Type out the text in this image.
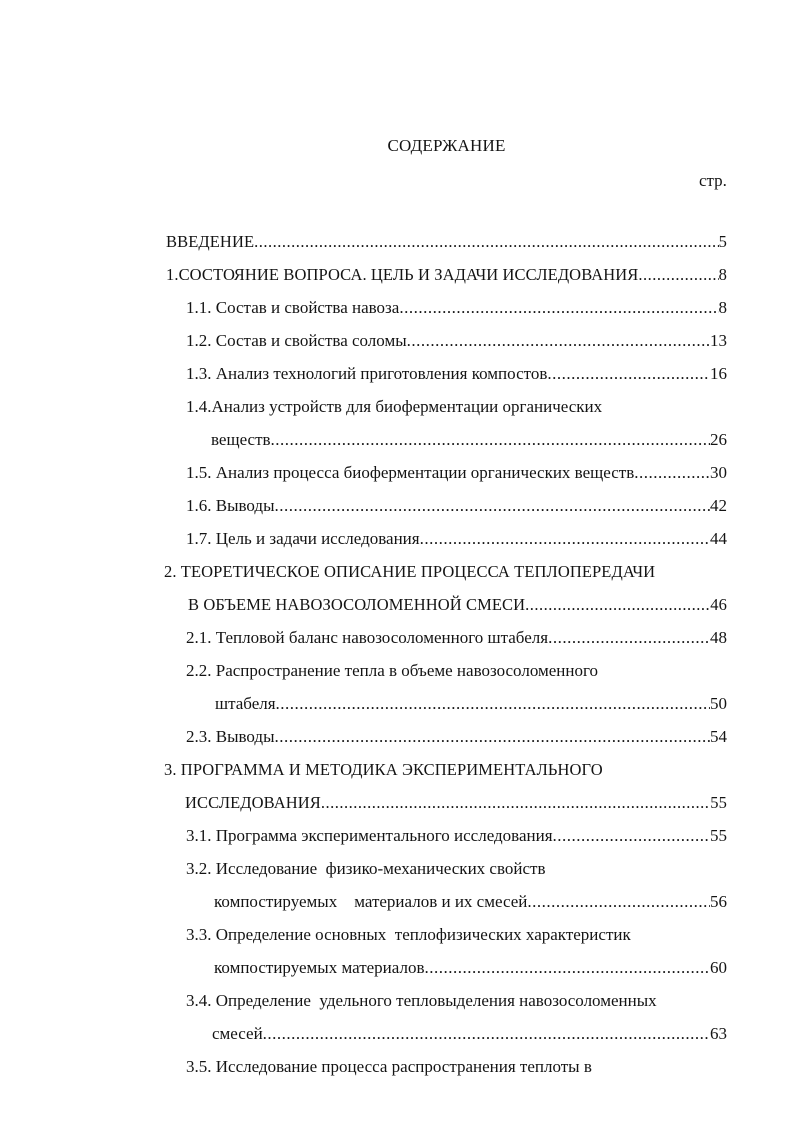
СОДЕРЖАНИЕ
стр.
ВВЕДЕНИЕ .....	5
1.СОСТОЯНИЕ ВОПРОСА. ЦЕЛЬ И ЗАДАЧИ ИССЛЕДОВАНИЯ .....	8
1.1. Состав и свойства навоза .....	8
1.2. Состав и свойства соломы .....	13
1.3. Анализ технологий приготовления компостов .....	16
1.4.Анализ устройств для биоферментации органических
веществ .....	26
1.5. Анализ процесса биоферментации органических веществ .....	30
1.6. Выводы .....	42
1.7. Цель и задачи исследования .....	44
2. ТЕОРЕТИЧЕСКОЕ ОПИСАНИЕ ПРОЦЕССА ТЕПЛОПЕРЕДАЧИ
В ОБЪЕМЕ НАВОЗОСОЛОМЕННОЙ СМЕСИ .....	46
2.1. Тепловой баланс навозосоломенного штабеля .....	48
2.2. Распространение тепла в объеме навозосоломенного
штабеля .....	50
2.3. Выводы .....	54
3. ПРОГРАММА И МЕТОДИКА ЭКСПЕРИМЕНТАЛЬНОГО
ИССЛЕДОВАНИЯ .....	55
3.1. Программа экспериментального исследования .....	55
3.2. Исследование  физико-механических свойств
компостируемых    материалов и их смесей .....	56
3.3. Определение основных  теплофизических характеристик
компостируемых материалов .....	60
3.4. Определение  удельного тепловыделения навозосоломенных
смесей .....	63
3.5. Исследование процесса распространения теплоты в
